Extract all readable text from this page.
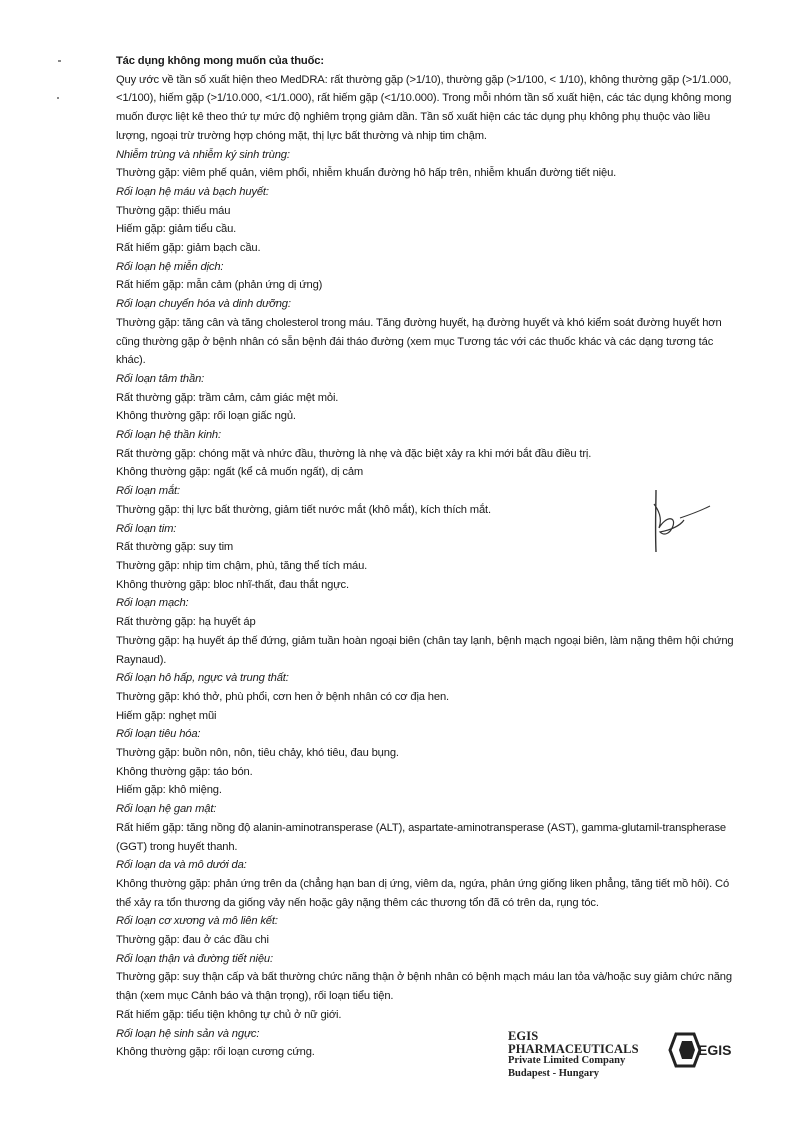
Tác dụng không mong muốn của thuốc:

Quy ước về tần số xuất hiện theo MedDRA: rất thường gặp (>1/10), thường gặp (>1/100, < 1/10), không thường gặp (>1/1.000, <1/100), hiếm gặp (>1/10.000, <1/1.000), rất hiếm gặp (<1/10.000). Trong mỗi nhóm tần số xuất hiện, các tác dụng không mong muốn được liệt kê theo thứ tự mức độ nghiêm trọng giảm dần. Tần số xuất hiện các tác dụng phụ không phụ thuộc vào liều lượng, ngoại trừ trường hợp chóng mặt, thị lực bất thường và nhịp tim chậm.

Nhiễm trùng và nhiễm ký sinh trùng:

Thường gặp: viêm phế quản, viêm phổi, nhiễm khuẩn đường hô hấp trên, nhiễm khuẩn đường tiết niệu.

Rối loạn hệ máu và bạch huyết:

Thường gặp: thiếu máu

Hiếm gặp: giảm tiểu cầu.

Rất hiếm gặp: giảm bạch cầu.

Rối loạn hệ miễn dịch:

Rất hiếm gặp: mẫn cảm (phản ứng dị ứng)

Rối loạn chuyển hóa và dinh dưỡng:

Thường gặp: tăng cân và tăng cholesterol trong máu. Tăng đường huyết, hạ đường huyết và khó kiểm soát đường huyết hơn cũng thường gặp ở bệnh nhân có sẵn bệnh đái tháo đường (xem mục Tương tác với các thuốc khác và các dạng tương tác khác).

Rối loạn tâm thần:

Rất thường gặp: trầm cảm, cảm giác mệt mỏi.

Không thường gặp: rối loạn giấc ngủ.

Rối loạn hệ thần kinh:

Rất thường gặp: chóng mặt và nhức đầu, thường là nhẹ và đặc biệt xảy ra khi mới bắt đầu điều trị.

Không thường gặp: ngất (kể cả muốn ngất), dị cảm

Rối loạn mắt:

Thường gặp: thị lực bất thường, giảm tiết nước mắt (khô mắt), kích thích mắt.

Rối loạn tim:

Rất thường gặp: suy tim

Thường gặp: nhịp tim chậm, phù, tăng thể tích máu.

Không thường gặp: bloc nhĩ-thất, đau thắt ngực.

Rối loạn mạch:

Rất thường gặp: hạ huyết áp

Thường gặp: hạ huyết áp thế đứng, giảm tuần hoàn ngoại biên (chân tay lạnh, bệnh mạch ngoại biên, làm nặng thêm hội chứng Raynaud).

Rối loạn hô hấp, ngực và trung thất:

Thường gặp: khó thở, phù phổi, cơn hen ở bệnh nhân có cơ địa hen.

Hiếm gặp: nghẹt mũi

Rối loạn tiêu hóa:

Thường gặp: buồn nôn, nôn, tiêu chảy, khó tiêu, đau bụng.

Không thường gặp: táo bón.

Hiếm gặp: khô miệng.

Rối loạn hệ gan mật:

Rất hiếm gặp: tăng nồng độ alanin-aminotransperase (ALT), aspartate-aminotransperase (AST), gamma-glutamil-transpherase (GGT) trong huyết thanh.

Rối loạn da và mô dưới da:

Không thường gặp: phản ứng trên da (chẳng hạn ban dị ứng, viêm da, ngứa, phản ứng giống liken phẳng, tăng tiết mồ hôi). Có thể xảy ra tổn thương da giống vảy nến hoặc gây nặng thêm các thương tổn đã có trên da, rụng tóc.

Rối loạn cơ xương và mô liên kết:

Thường gặp: đau ở các đầu chi

Rối loạn thận và đường tiết niệu:

Thường gặp: suy thận cấp và bất thường chức năng thận ở bệnh nhân có bệnh mạch máu lan tỏa và/hoặc suy giảm chức năng thận (xem mục Cảnh báo và thận trọng), rối loạn tiểu tiện.

Rất hiếm gặp: tiểu tiện không tự chủ ở nữ giới.

Rối loạn hệ sinh sản và ngực:

Không thường gặp: rối loạn cương cứng.

EGIS PHARMACEUTICALS
Private Limited Company
Budapest - Hungary
EGIS
